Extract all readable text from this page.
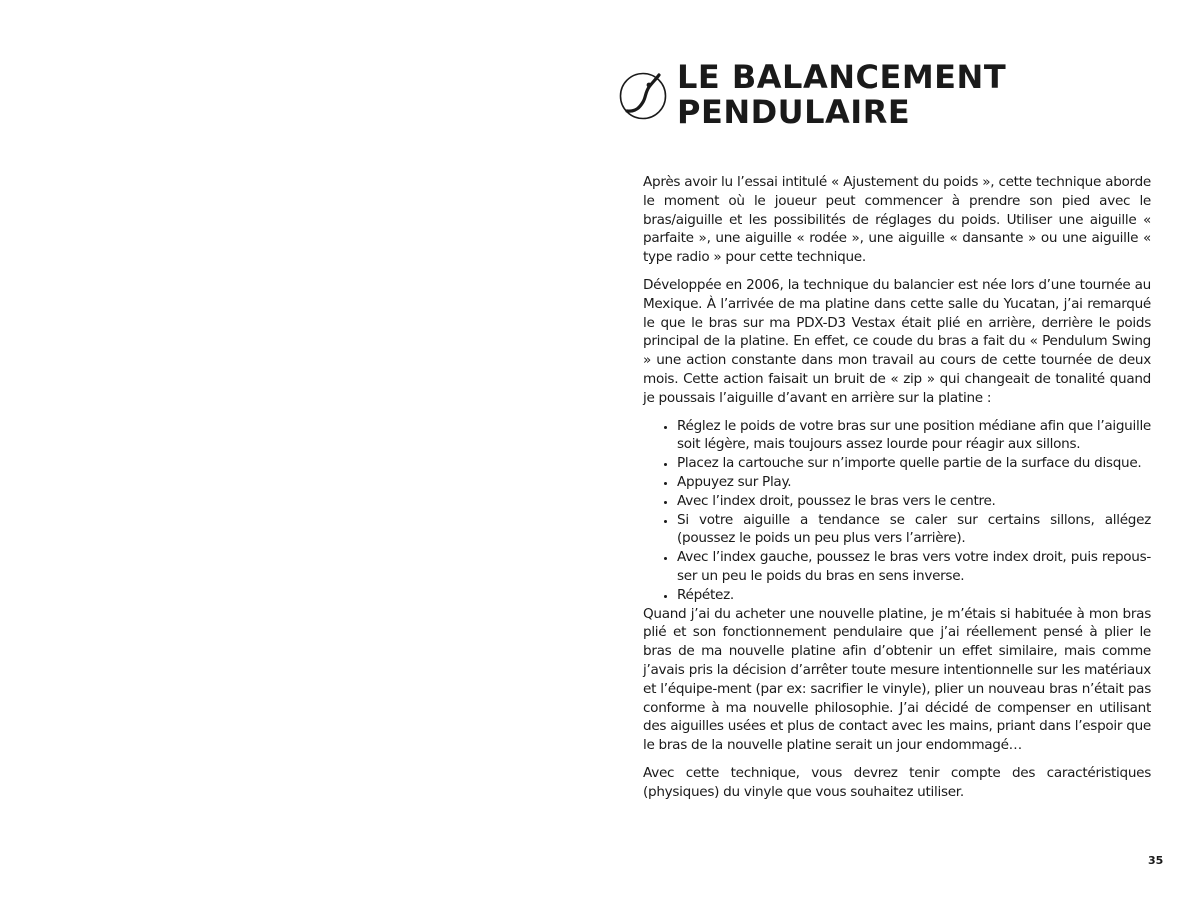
LE BALANCEMENT
PENDULAIRE

Après avoir lu l’essai intitulé « Ajustement du poids », cette technique aborde le moment où le joueur peut commencer à prendre son pied avec le bras/aiguille et les possibilités de réglages du poids. Utiliser une aiguille « parfaite », une aiguille « rodée », une aiguille « dansante » ou une aiguille « type radio » pour cette technique.

Développée en 2006, la technique du balancier est née lors d’une tournée au Mexique. À l’arrivée de ma platine dans cette salle du Yucatan, j’ai remarqué le que le bras sur ma PDX-D3 Vestax était plié en arrière, derrière le poids principal de la platine. En effet, ce coude du bras a fait du « Pendulum Swing » une action constante dans mon travail au cours de cette tournée de deux mois. Cette action faisait un bruit de « zip » qui changeait de tonalité quand je poussais l’aiguille d’avant en arrière sur la platine :

• Réglez le poids de votre bras sur une position médiane afin que l’aiguille soit légère, mais toujours assez lourde pour réagir aux sillons.
• Placez la cartouche sur n’importe quelle partie de la surface du disque.
• Appuyez sur Play.
• Avec l’index droit, poussez le bras vers le centre.
• Si votre aiguille a tendance se caler sur certains sillons, allégez (poussez le poids un peu plus vers l’arrière).
• Avec l’index gauche, poussez le bras vers votre index droit, puis repous-ser un peu le poids du bras en sens inverse.
• Répétez.

Quand j’ai du acheter une nouvelle platine, je m’étais si habituée à mon bras plié et son fonctionnement pendulaire que j’ai réellement pensé à plier le bras de ma nouvelle platine afin d’obtenir un effet similaire, mais comme j’avais pris la décision d’arrêter toute mesure intentionnelle sur les matériaux et l’équipe-ment (par ex: sacrifier le vinyle), plier un nouveau bras n’était pas conforme à ma nouvelle philosophie. J’ai décidé de compenser en utilisant des aiguilles usées et plus de contact avec les mains, priant dans l’espoir que le bras de la nouvelle platine serait un jour endommagé…

Avec cette technique, vous devrez tenir compte des caractéristiques (physiques) du vinyle que vous souhaitez utiliser.

35
